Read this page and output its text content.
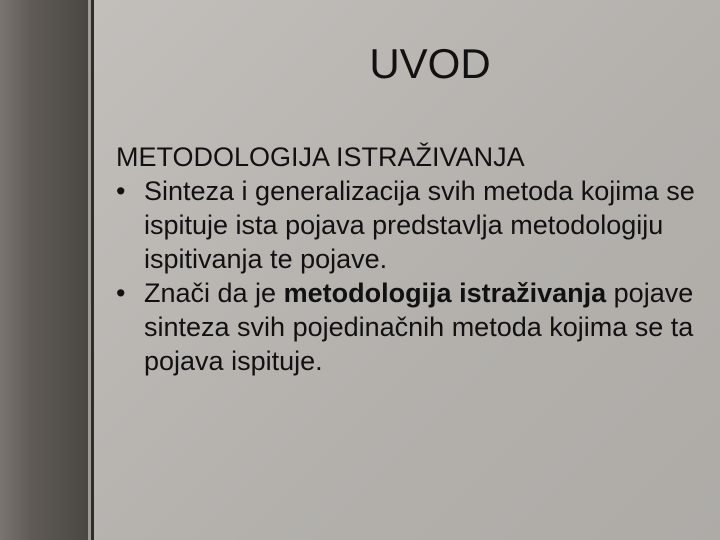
UVOD

METODOLOGIJA ISTRAŽIVANJA

• Sinteza i generalizacija svih metoda kojima se ispituje ista pojava predstavlja metodologiju ispitivanja te pojave.
• Znači da je metodologija istraživanja pojave sinteza svih pojedinačnih metoda kojima se ta pojava ispituje.
